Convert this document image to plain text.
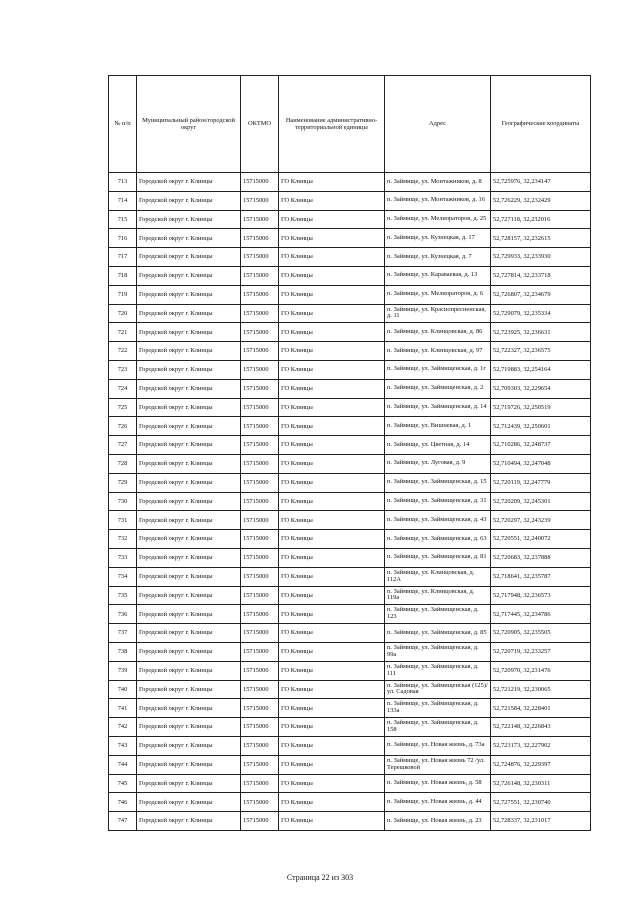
№ п/п	Муниципальный район/городской округ	ОКТМО	Наименование административно-территориальной единицы	Адрес	Географические координаты
713	Городской округ г. Клинцы	15715000	ГО Клинцы	п. Займище, ул. Монтажников, д. 8	52,725976, 32,234147
714	Городской округ г. Клинцы	15715000	ГО Клинцы	п. Займище, ул. Монтажников, д. 16	52,726229, 32,232429
715	Городской округ г. Клинцы	15715000	ГО Клинцы	п. Займище, ул. Мелиораторов, д. 25	52,727118, 32,232016
716	Городской округ г. Клинцы	15715000	ГО Клинцы	п. Займище, ул. Кузнецкая, д. 17	52,728157, 32,232615
717	Городской округ г. Клинцы	15715000	ГО Клинцы	п. Займище, ул. Кузнецкая, д. 7	52,729933, 32,233930
718	Городской округ г. Клинцы	15715000	ГО Клинцы	п. Займище, ул. Караваевая, д. 13	52,727814, 32,233718
719	Городской округ г. Клинцы	15715000	ГО Клинцы	п. Займище, ул. Мелиораторов, д. 6	52,726807, 32,234679
720	Городской округ г. Клинцы	15715000	ГО Клинцы	п. Займище, ул. Краснопресненская, д. 11	52,729079, 32,235334
721	Городской округ г. Клинцы	15715000	ГО Клинцы	п. Займище, ул. Клинцовская, д. 86	52,723925, 32,236631
722	Городской округ г. Клинцы	15715000	ГО Клинцы	п. Займище, ул. Клинцовская, д. 97	52,722327, 32,236575
723	Городской округ г. Клинцы	15715000	ГО Клинцы	п. Займище, ул. Займищенская, д. 1г	52,719883, 32,254164
724	Городской округ г. Клинцы	15715000	ГО Клинцы	п. Займище, ул. Займищенская, д. 2	52,709303, 32,229654
725	Городской округ г. Клинцы	15715000	ГО Клинцы	п. Займище, ул. Займищенская, д. 14	52,719726, 32,250519
726	Городской округ г. Клинцы	15715000	ГО Клинцы	п. Займище, ул. Вишневая, д. 1	52,712439, 32,250601
727	Городской округ г. Клинцы	15715000	ГО Клинцы	п. Займище, ул. Цветная, д. 14	52,710286, 32,248737
728	Городской округ г. Клинцы	15715000	ГО Клинцы	п. Займище, ул. Луговая, д. 9	52,710494, 32,247048
729	Городской округ г. Клинцы	15715000	ГО Клинцы	п. Займище, ул. Займищенская, д. 15	52,720119, 32,247779
730	Городской округ г. Клинцы	15715000	ГО Клинцы	п. Займище, ул. Займищенская, д. 31	52,720209, 32,245301
731	Городской округ г. Клинцы	15715000	ГО Клинцы	п. Займище, ул. Займищенская, д. 43	52,720297, 32,243239
732	Городской округ г. Клинцы	15715000	ГО Клинцы	п. Займище, ул. Займищенская, д. 63	52,720551, 32,240072
733	Городской округ г. Клинцы	15715000	ГО Клинцы	п. Займище, ул. Займищенская, д. 81	52,720683, 32,237888
734	Городской округ г. Клинцы	15715000	ГО Клинцы	п. Займище, ул. Клинцовская, д. 112А	52,718641, 32,235787
735	Городской округ г. Клинцы	15715000	ГО Клинцы	п. Займище, ул. Клинцовская, д. 119а	52,717948, 32,236573
736	Городской округ г. Клинцы	15715000	ГО Клинцы	п. Займище, ул. Займищенская, д. 123	52,717445, 32,234786
737	Городской округ г. Клинцы	15715000	ГО Клинцы	п. Займище, ул. Займищенская, д. 85	52,720905, 32,235505
738	Городской округ г. Клинцы	15715000	ГО Клинцы	п. Займище, ул. Займищенская, д. 99а	52,720719, 32,233257
739	Городской округ г. Клинцы	15715000	ГО Клинцы	п. Займище, ул. Займищенская, д. 111	52,720970, 32,231476
740	Городской округ г. Клинцы	15715000	ГО Клинцы	п. Займище, ул. Займищенская (125)/ул. Садовая	52,721219, 32,230065
741	Городской округ г. Клинцы	15715000	ГО Клинцы	п. Займище, ул. Займищенская, д. 133а	52,721584, 32,228401
742	Городской округ г. Клинцы	15715000	ГО Клинцы	п. Займище, ул. Займищенская, д. 158	52,722148, 32,226843
743	Городской округ г. Клинцы	15715000	ГО Клинцы	п. Займище, ул. Новая жизнь, д. 73а	52,723173, 32,227902
744	Городской округ г. Клинцы	15715000	ГО Клинцы	п. Займище, ул. Новая жизнь 72 /ул. Терешковой	52,724876, 32,229397
745	Городской округ г. Клинцы	15715000	ГО Клинцы	п. Займище, ул. Новая жизнь, д. 58	52,726148, 32,230311
746	Городской округ г. Клинцы	15715000	ГО Клинцы	п. Займище, ул. Новая жизнь, д. 44	52,727551, 32,230740
747	Городской округ г. Клинцы	15715000	ГО Клинцы	п. Займище, ул. Новая жизнь, д. 23	52,728337, 32,231017
Страница 22 из 303
